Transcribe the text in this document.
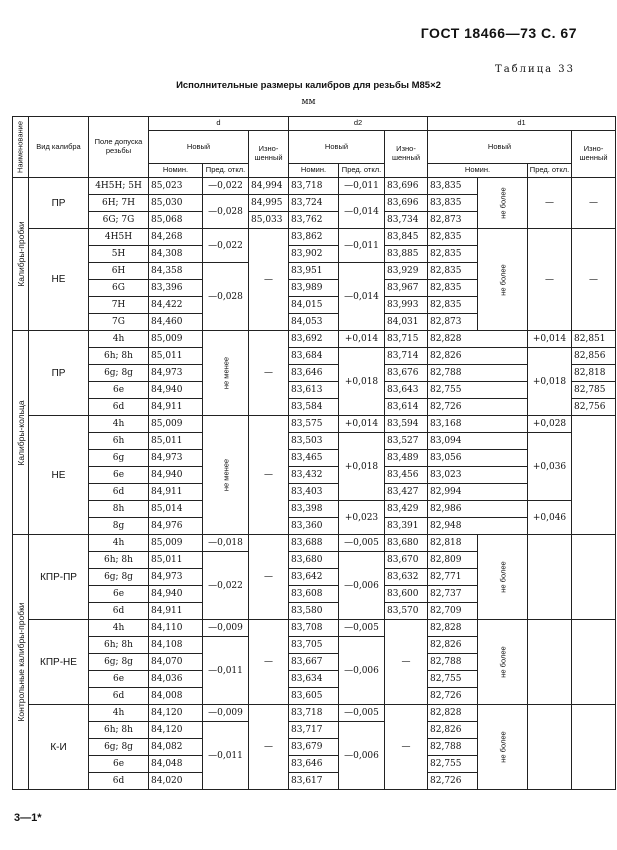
ГОСТ 18466—73 С. 67
Таблица 33
Исполнительные размеры калибров для резьбы М85×2
мм
Наименование	Вид калибра	Поле допуска резьбы	d			d2			d1			
			Новый		Изно-шенный	Новый		Изно-шенный	Новый			Изно-шенный
			Номин.	Пред. откл.		Номин.	Пред. откл.		Номин.		Пред. откл.	

Калибры-пробки	ПР	4Н5Н; 5Н	85,023	—0,022	84,994	83,718	—0,011	83,696	83,835	не более	—	—
		6Н; 7Н	85,030	—0,028	84,995	83,724	—0,014	83,696	83,835			
		6G; 7G	85,068		85,033	83,762		83,734	82,873			
	НЕ	4Н5Н	84,268	—0,022	—	83,862	—0,011	83,845	82,835	не более	—	—
		5Н	84,308			83,902		83,885	82,835			
		6Н	84,358	—0,028		83,951	—0,014	83,929	82,835			
		6G	83,396			83,989		83,967	82,835			
		7Н	84,422			84,015		83,993	82,835			
		7G	84,460			84,053		84,031	82,873			

Калибры-кольца	ПР	4h	85,009	не менее	—	83,692	+0,014	83,715	82,828		+0,014	82,851
		6h; 8h	85,011			83,684	+0,018	83,714	82,826		+0,018	82,856
		6g; 8g	84,973			83,646		83,676	82,788			82,818
		6e	84,940			83,613		83,643	82,755			82,785
		6d	84,911			83,584		83,614	82,726			82,756
	НЕ	4h	85,009	не менее	—	83,575	+0,014	83,594	83,168		+0,028	
		6h	85,011			83,503	+0,018	83,527	83,094		+0,036	
		6g	84,973			83,465		83,489	83,056			
		6e	84,940			83,432		83,456	83,023			
		6d	84,911			83,403		83,427	82,994			
		8h	85,014			83,398	+0,023	83,429	82,986		+0,046	
		8g	84,976			83,360		83,391	82,948			

Контрольные калибры-пробки	КПР-ПР	4h	85,009	—0,018	—	83,688	—0,005	83,680	82,818	не более		

		6h; 8h	85,011	—0,022		83,680	—0,006	83,670	82,809			
		6g; 8g	84,973			83,642		83,632	82,771			
		6e	84,940			83,608		83,600	82,737			
		6d	84,911			83,580		83,570	82,709			
	КПР-НЕ	4h	84,110	—0,009	—	83,708	—0,005	—	82,828	не более		

		6h; 8h	84,108	—0,011		83,705	—0,006		82,826			
		6g; 8g	84,070			83,667			82,788			
		6e	84,036			83,634			82,755			
		6d	84,008			83,605			82,726			
	К-И	4h	84,120	—0,009	—	83,718	—0,005	—	82,828	не более		

		6h; 8h	84,120	—0,011		83,717	—0,006		82,826			
		6g; 8g	84,082			83,679			82,788			
		6e	84,048			83,646			82,755			
		6d	84,020			83,617			82,726			
3—1*
